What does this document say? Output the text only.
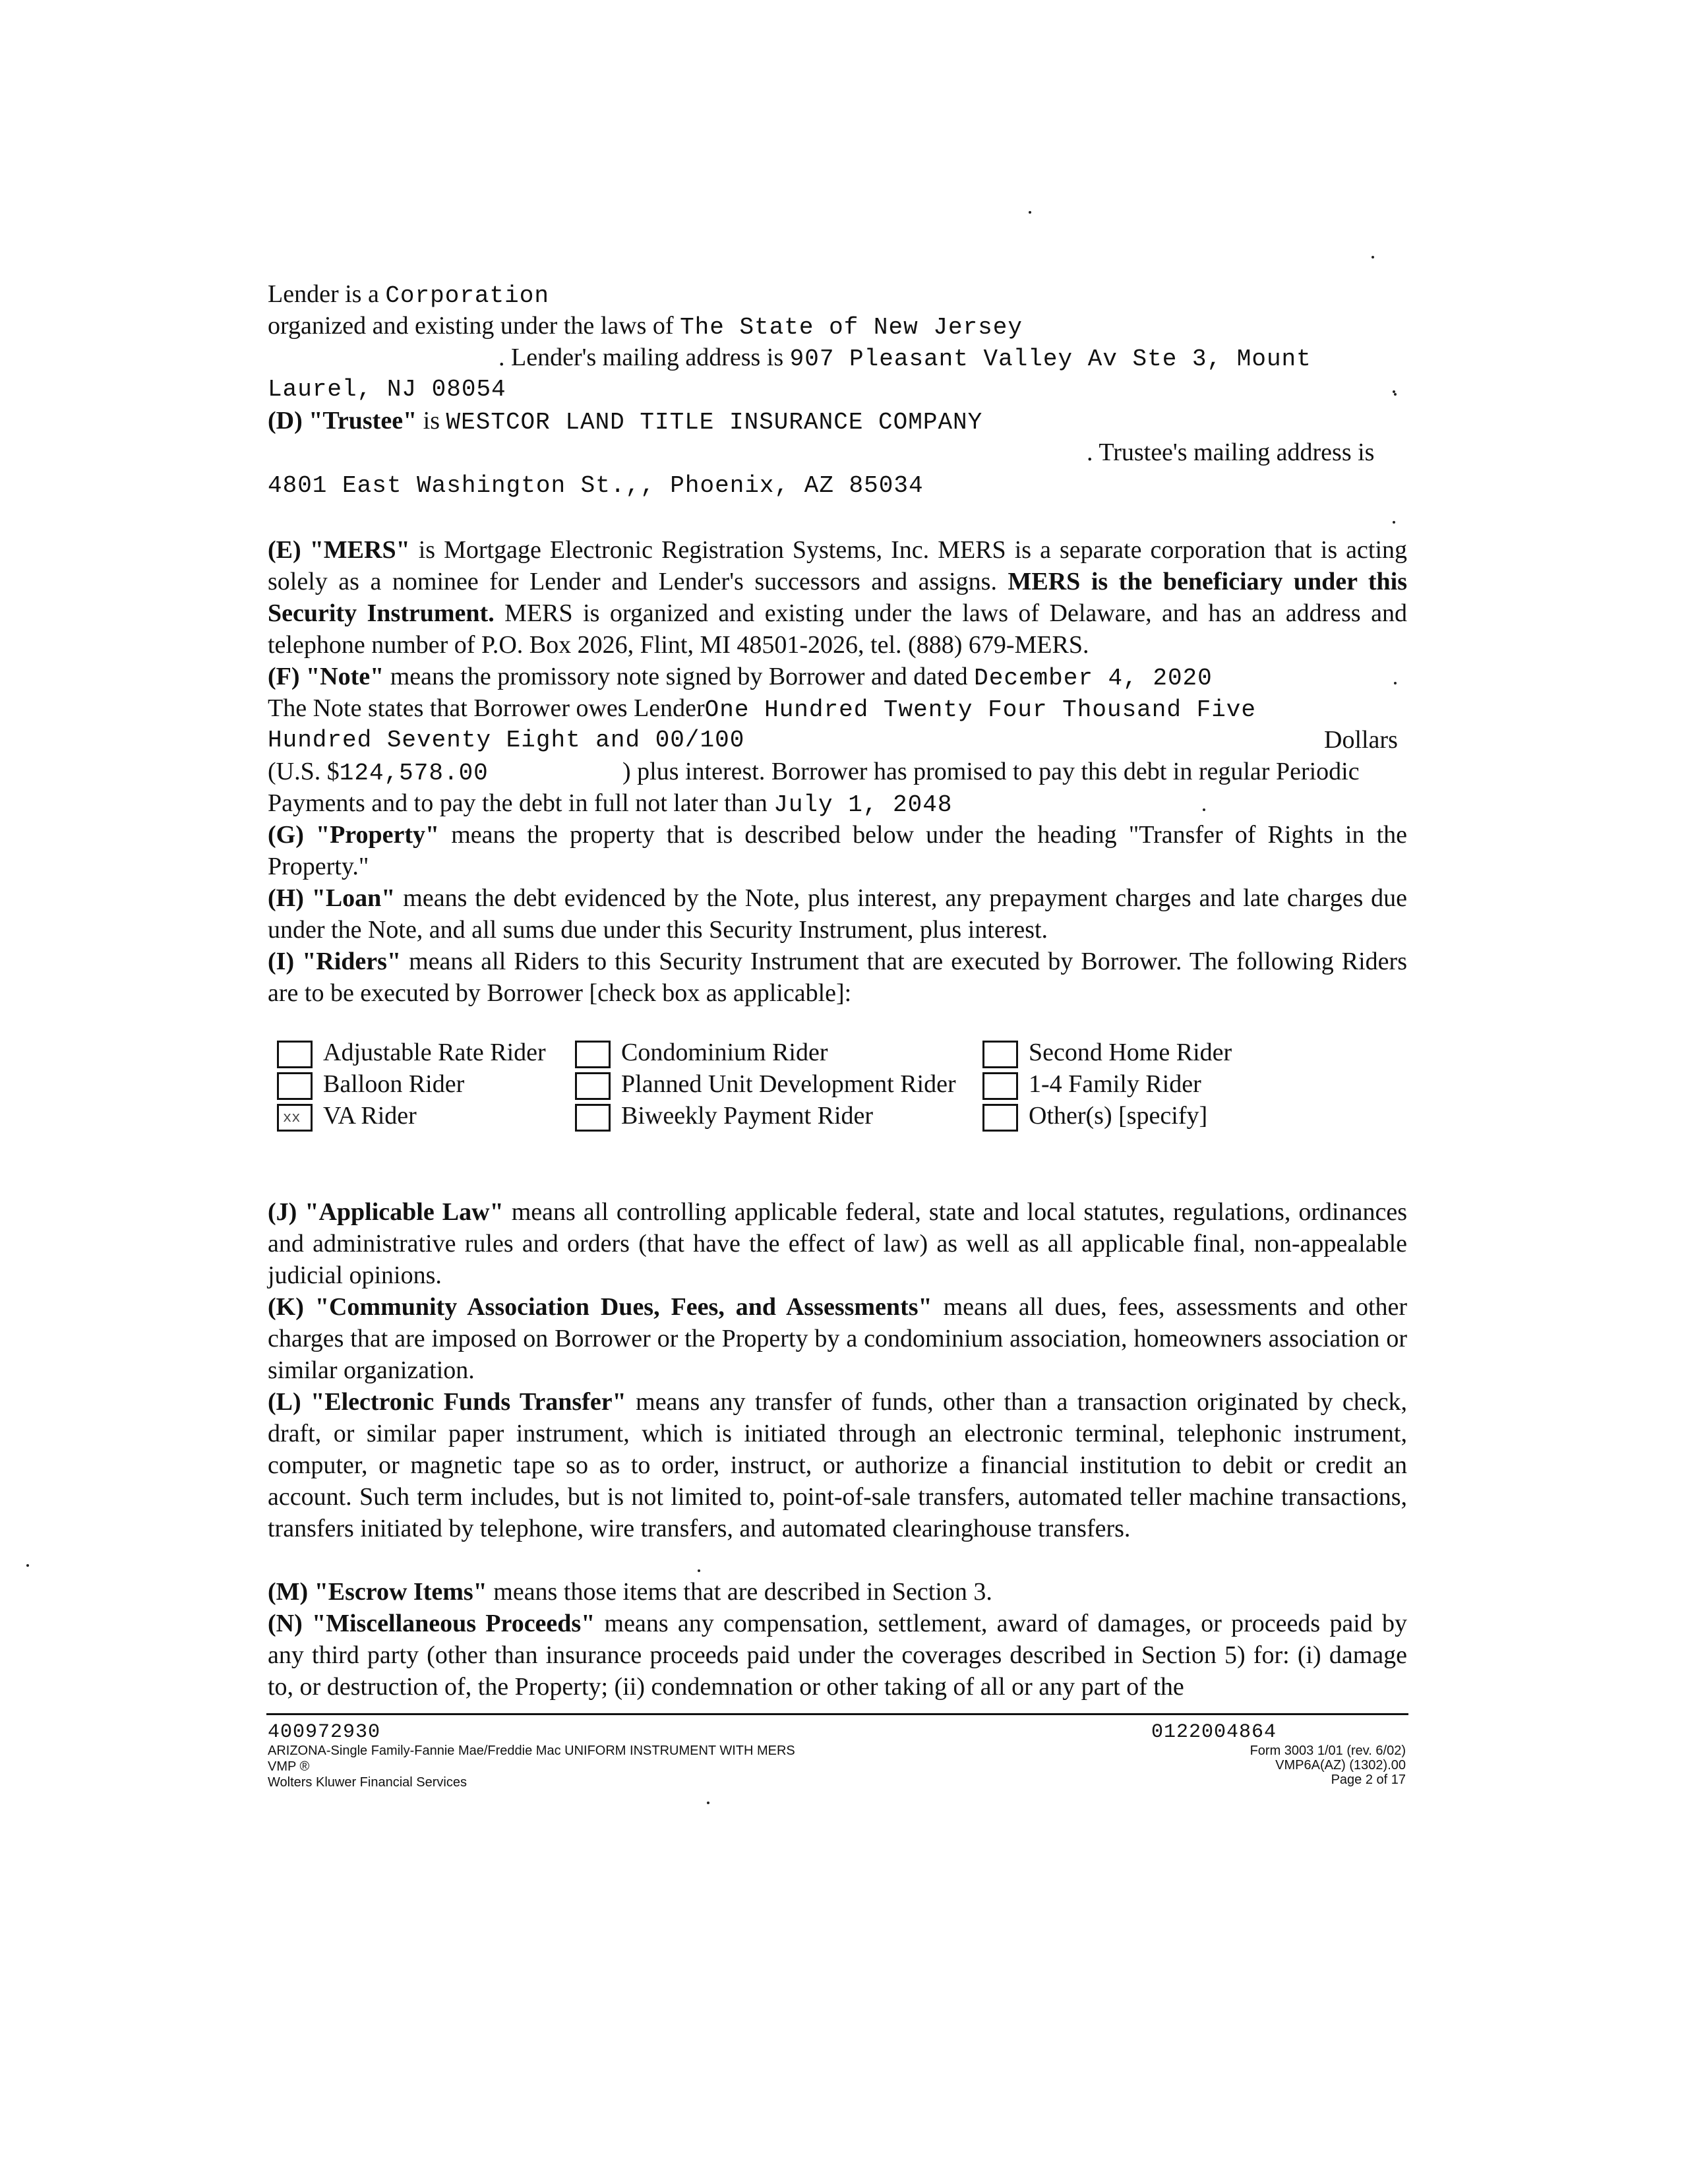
Lender is a Corporation
organized and existing under the laws of The State of New Jersey
. Lender's mailing address is 907 Pleasant Valley Av Ste 3, Mount
Laurel, NJ 08054
(D) "Trustee" is WESTCOR LAND TITLE INSURANCE COMPANY
. Trustee's mailing address is
4801 East Washington St.,, Phoenix, AZ 85034
(E) "MERS" is Mortgage Electronic Registration Systems, Inc. MERS is a separate corporation that is acting solely as a nominee for Lender and Lender's successors and assigns. MERS is the beneficiary under this Security Instrument. MERS is organized and existing under the laws of Delaware, and has an address and telephone number of P.O. Box 2026, Flint, MI 48501-2026, tel. (888) 679-MERS.
(F) "Note" means the promissory note signed by Borrower and dated December 4, 2020
The Note states that Borrower owes LenderOne Hundred Twenty Four Thousand Five
Hundred Seventy Eight and 00/100	Dollars
(U.S. $124,578.00	) plus interest. Borrower has promised to pay this debt in regular Periodic
Payments and to pay the debt in full not later than July 1, 2048
(G) "Property" means the property that is described below under the heading "Transfer of Rights in the Property."
(H) "Loan" means the debt evidenced by the Note, plus interest, any prepayment charges and late charges due under the Note, and all sums due under this Security Instrument, plus interest.
(I) "Riders" means all Riders to this Security Instrument that are executed by Borrower. The following Riders are to be executed by Borrower [check box as applicable]:
Adjustable Rate Rider
Balloon Rider
xx VA Rider
Condominium Rider
Planned Unit Development Rider
Biweekly Payment Rider
Second Home Rider
1-4 Family Rider
Other(s) [specify]
(J) "Applicable Law" means all controlling applicable federal, state and local statutes, regulations, ordinances and administrative rules and orders (that have the effect of law) as well as all applicable final, non-appealable judicial opinions.
(K) "Community Association Dues, Fees, and Assessments" means all dues, fees, assessments and other charges that are imposed on Borrower or the Property by a condominium association, homeowners association or similar organization.
(L) "Electronic Funds Transfer" means any transfer of funds, other than a transaction originated by check, draft, or similar paper instrument, which is initiated through an electronic terminal, telephonic instrument, computer, or magnetic tape so as to order, instruct, or authorize a financial institution to debit or credit an account. Such term includes, but is not limited to, point-of-sale transfers, automated teller machine transactions, transfers initiated by telephone, wire transfers, and automated clearinghouse transfers.
(M) "Escrow Items" means those items that are described in Section 3.
(N) "Miscellaneous Proceeds" means any compensation, settlement, award of damages, or proceeds paid by any third party (other than insurance proceeds paid under the coverages described in Section 5) for: (i) damage to, or destruction of, the Property; (ii) condemnation or other taking of all or any part of the
400972930
ARIZONA-Single Family-Fannie Mae/Freddie Mac UNIFORM INSTRUMENT WITH MERS
VMP ®
Wolters Kluwer Financial Services
0122004864
Form 3003 1/01 (rev. 6/02)
VMP6A(AZ) (1302).00
Page 2 of 17
